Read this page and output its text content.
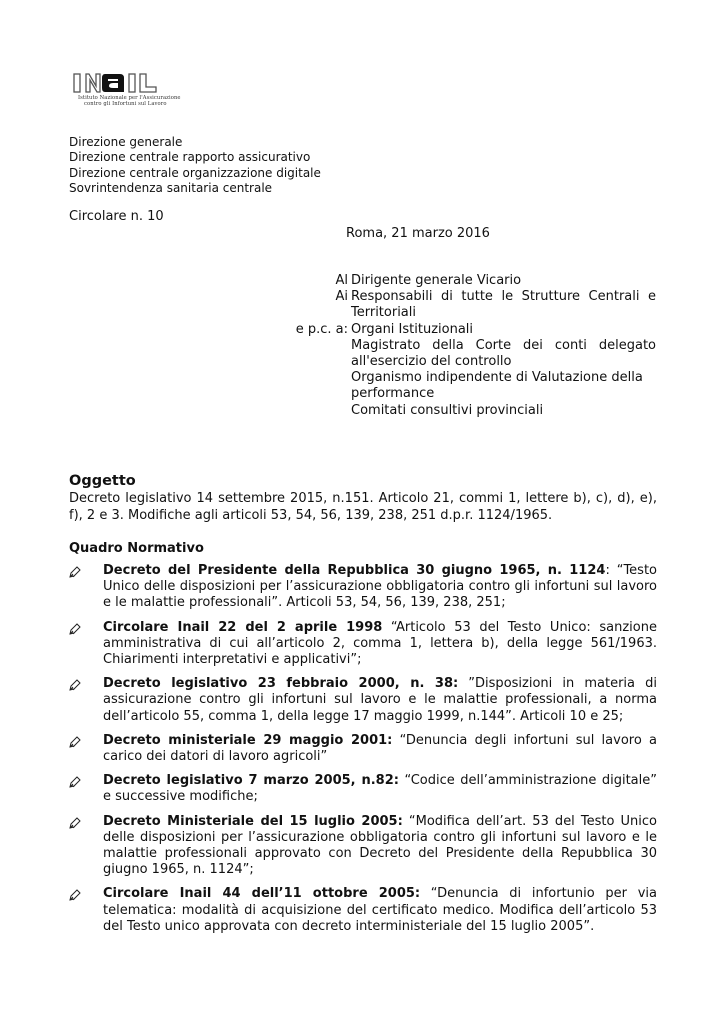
Istituto Nazionale per l'Assicurazione
contro gli Infortuni sul Lavoro
Direzione generale
Direzione centrale rapporto assicurativo
Direzione centrale organizzazione digitale
Sovrintendenza sanitaria centrale
Circolare n. 10
Roma, 21 marzo 2016
Al Dirigente generale Vicario
Ai Responsabili di tutte le Strutture Centrali e Territoriali
e p.c. a: Organi Istituzionali
Magistrato della Corte dei conti delegato all'esercizio del controllo
Organismo indipendente di Valutazione della performance
Comitati consultivi provinciali
Oggetto
Decreto legislativo 14 settembre 2015, n.151. Articolo 21, commi 1, lettere b), c), d), e), f), 2 e 3. Modifiche agli articoli 53, 54, 56, 139, 238, 251 d.p.r. 1124/1965.
Quadro Normativo
Decreto del Presidente della Repubblica 30 giugno 1965, n. 1124: “Testo Unico delle disposizioni per l’assicurazione obbligatoria contro gli infortuni sul lavoro e le malattie professionali”. Articoli 53, 54, 56, 139, 238, 251;
Circolare Inail 22 del 2 aprile 1998 “Articolo 53 del Testo Unico: sanzione amministrativa di cui all’articolo 2, comma 1, lettera b), della legge 561/1963. Chiarimenti interpretativi e applicativi”;
Decreto legislativo 23 febbraio 2000, n. 38: ”Disposizioni in materia di assicurazione contro gli infortuni sul lavoro e le malattie professionali, a norma dell’articolo 55, comma 1, della legge 17 maggio 1999, n.144”. Articoli 10 e 25;
Decreto ministeriale 29 maggio 2001: “Denuncia degli infortuni sul lavoro a carico dei datori di lavoro agricoli”
Decreto legislativo 7 marzo 2005, n.82: “Codice dell’amministrazione digitale” e successive modifiche;
Decreto Ministeriale del 15 luglio 2005: “Modifica dell’art. 53 del Testo Unico delle disposizioni per l’assicurazione obbligatoria contro gli infortuni sul lavoro e le malattie professionali approvato con Decreto del Presidente della Repubblica 30 giugno 1965, n. 1124”;
Circolare Inail 44 dell’11 ottobre 2005: “Denuncia di infortunio per via telematica: modalità di acquisizione del certificato medico. Modifica dell’articolo 53 del Testo unico approvata con decreto interministeriale del 15 luglio 2005”.
